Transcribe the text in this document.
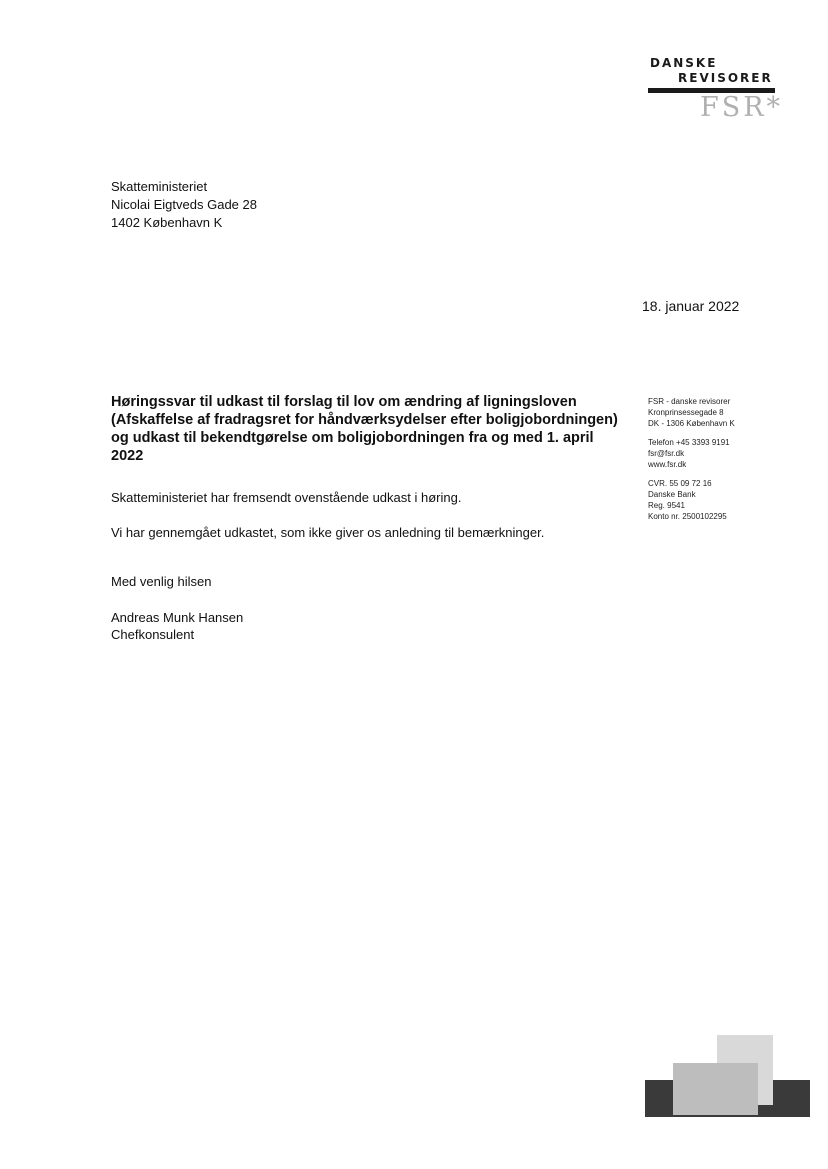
DANSKE
REVISORER
FSR*
Skatteministeriet
Nicolai Eigtveds Gade 28
1402 København K
18. januar 2022

Høringssvar til udkast til forslag til lov om ændring af ligningsloven
(Afskaffelse af fradragsret for håndværksydelser efter boligjobordningen)
og udkast til bekendtgørelse om boligjobordningen fra og med 1. april
2022

Skatteministeriet har fremsendt ovenstående udkast i høring.
Vi har gennemgået udkastet, som ikke giver os anledning til bemærkninger.
Med venlig hilsen
Andreas Munk Hansen
Chefkonsulent
FSR - danske revisorer
Kronprinsessegade 8
DK - 1306 København K
Telefon +45 3393 9191
fsr@fsr.dk
www.fsr.dk
CVR. 55 09 72 16
Danske Bank
Reg. 9541
Konto nr. 2500102295
